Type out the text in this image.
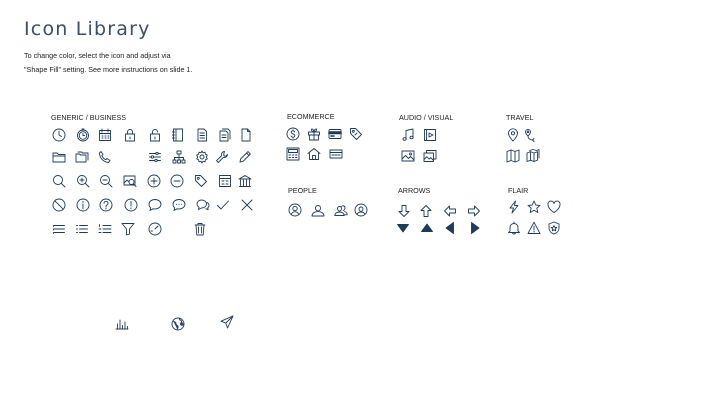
Icon Library
To change color, select the icon and adjust via
"Shape Fill" setting. See more instructions on slide 1.
GENERIC / BUSINESS	ECOMMERCE	AUDIO / VISUAL	TRAVEL
PEOPLE	ARROWS	FLAIR
